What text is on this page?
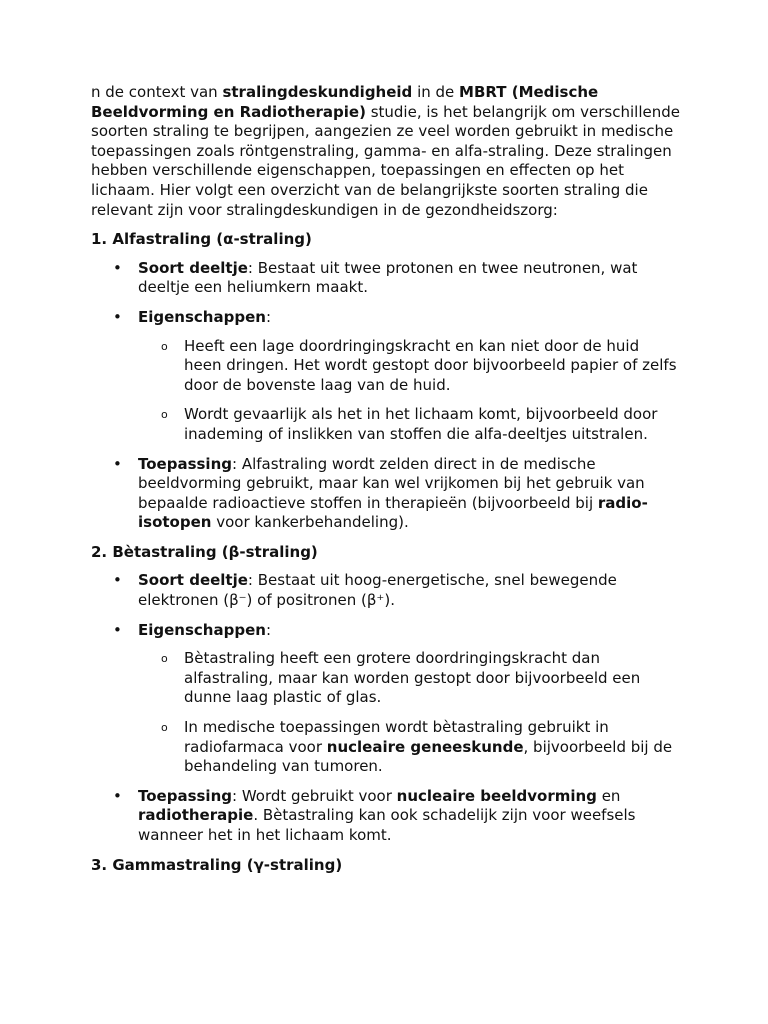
n de context van stralingdeskundigheid in de MBRT (Medische Beeldvorming en Radiotherapie) studie, is het belangrijk om verschillende soorten straling te begrijpen, aangezien ze veel worden gebruikt in medische toepassingen zoals röntgenstraling, gamma- en alfa-straling. Deze stralingen hebben verschillende eigenschappen, toepassingen en effecten op het lichaam. Hier volgt een overzicht van de belangrijkste soorten straling die relevant zijn voor stralingdeskundigen in de gezondheidszorg:

1. Alfastraling (α-straling)
• Soort deeltje: Bestaat uit twee protonen en twee neutronen, wat deeltje een heliumkern maakt.
• Eigenschappen:
o Heeft een lage doordringingskracht en kan niet door de huid heen dringen. Het wordt gestopt door bijvoorbeeld papier of zelfs door de bovenste laag van de huid.
o Wordt gevaarlijk als het in het lichaam komt, bijvoorbeeld door inademing of inslikken van stoffen die alfa-deeltjes uitstralen.
• Toepassing: Alfastraling wordt zelden direct in de medische beeldvorming gebruikt, maar kan wel vrijkomen bij het gebruik van bepaalde radioactieve stoffen in therapieën (bijvoorbeeld bij radio-isotopen voor kankerbehandeling).
2. Bètastraling (β-straling)
• Soort deeltje: Bestaat uit hoog-energetische, snel bewegende elektronen (β⁻) of positronen (β⁺).
• Eigenschappen:
o Bètastraling heeft een grotere doordringingskracht dan alfastraling, maar kan worden gestopt door bijvoorbeeld een dunne laag plastic of glas.
o In medische toepassingen wordt bètastraling gebruikt in radiofarmaca voor nucleaire geneeskunde, bijvoorbeeld bij de behandeling van tumoren.
• Toepassing: Wordt gebruikt voor nucleaire beeldvorming en radiotherapie. Bètastraling kan ook schadelijk zijn voor weefsels wanneer het in het lichaam komt.
3. Gammastraling (γ-straling)
